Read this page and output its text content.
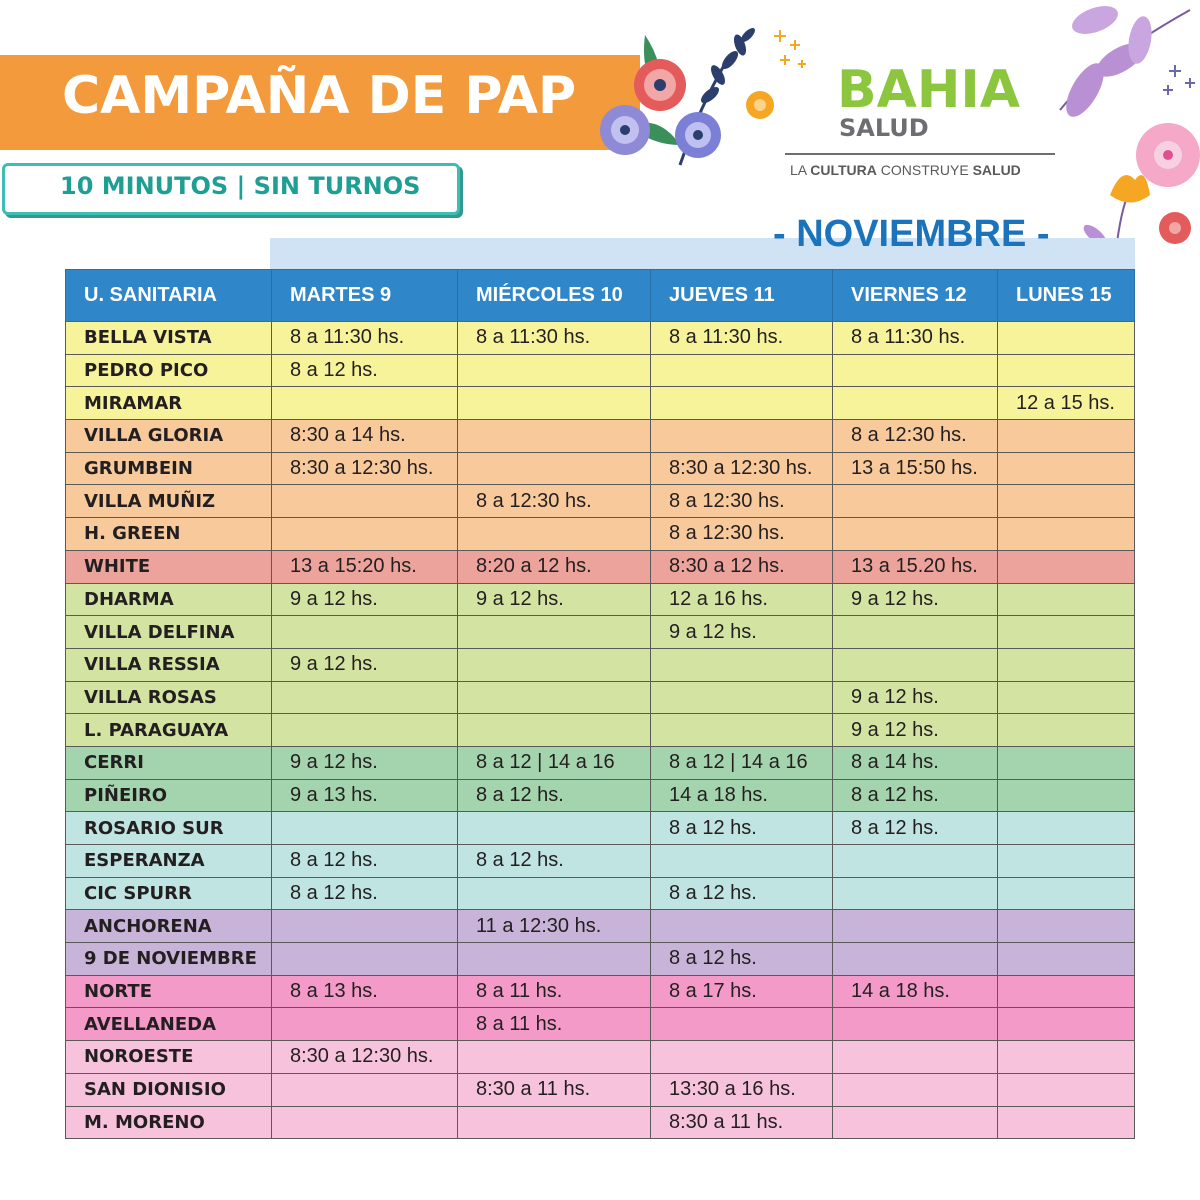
CAMPAÑA DE PAP
10 MINUTOS | SIN TURNOS
BAHIA
SALUD
LA CULTURA CONSTRUYE SALUD
- NOVIEMBRE -
U. SANITARIA	MARTES 9	MIÉRCOLES 10	JUEVES 11	VIERNES 12	LUNES 15
BELLA VISTA	8 a 11:30 hs.	8 a 11:30 hs.	8 a 11:30 hs.	8 a 11:30 hs.	
PEDRO PICO	8 a 12 hs.				
MIRAMAR					12 a 15 hs.
VILLA GLORIA	8:30 a 14 hs.			8 a 12:30 hs.	
GRUMBEIN	8:30 a 12:30 hs.		8:30 a 12:30 hs.	13 a 15:50 hs.	
VILLA MUÑIZ		8 a 12:30 hs.	8 a 12:30 hs.		
H. GREEN			8 a 12:30 hs.		
WHITE	13 a 15:20 hs.	8:20 a 12 hs.	8:30 a 12 hs.	13 a 15.20 hs.	
DHARMA	9 a 12 hs.	9 a 12 hs.	12 a 16 hs.	9 a 12 hs.	
VILLA DELFINA			9 a 12 hs.		
VILLA RESSIA	9 a 12 hs.				
VILLA ROSAS				9 a 12 hs.	
L. PARAGUAYA				9 a 12 hs.	
CERRI	9 a 12 hs.	8 a 12 | 14 a 16	8 a 12 | 14 a 16	8 a 14 hs.	
PIÑEIRO	9 a 13 hs.	8 a 12 hs.	14 a 18 hs.	8 a 12 hs.	
ROSARIO SUR			8 a 12 hs.	8 a 12 hs.	
ESPERANZA	8 a 12 hs.	8 a 12 hs.			
CIC SPURR	8 a 12 hs.		8 a 12 hs.		
ANCHORENA		11 a 12:30 hs.			
9 DE NOVIEMBRE			8 a 12 hs.		
NORTE	8 a 13 hs.	8 a 11 hs.	8 a 17 hs.	14 a 18 hs.	
AVELLANEDA		8 a 11 hs.			
NOROESTE	8:30 a 12:30 hs.				
SAN DIONISIO		8:30 a 11 hs.	13:30 a 16 hs.		
M. MORENO			8:30 a 11 hs.		
